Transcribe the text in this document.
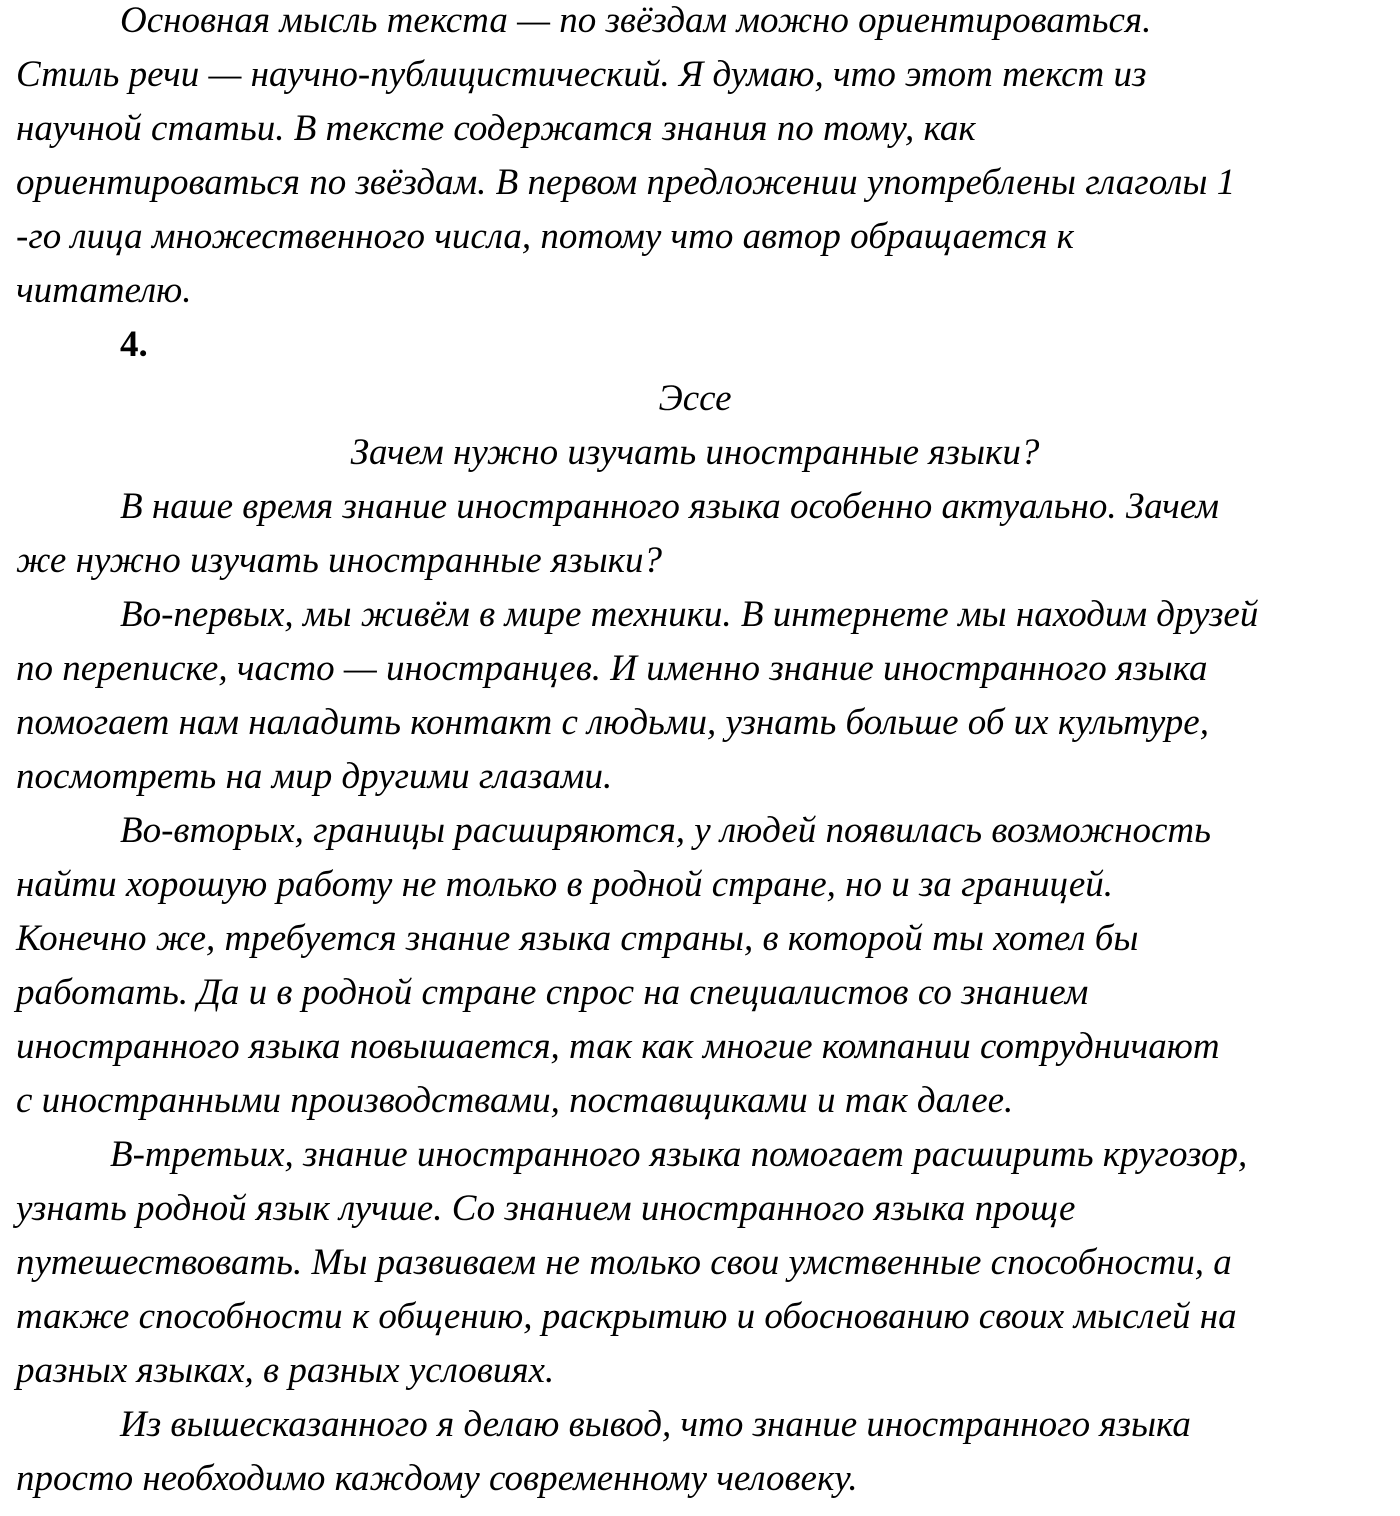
Основная мысль текста — по звёздам можно ориентироваться.

Стиль речи — научно-публицистический. Я думаю, что этот текст из

научной статьи. В тексте содержатся знания по тому, как

ориентироваться по звёздам. В первом предложении употреблены глаголы 1

-го лица множественного числа, потому что автор обращается к

читателю.

4.

Эссе

Зачем нужно изучать иностранные языки?

В наше время знание иностранного языка особенно актуально. Зачем

же нужно изучать иностранные языки?

Во-первых, мы живём в мире техники. В интернете мы находим друзей

по переписке, часто — иностранцев. И именно знание иностранного языка

помогает нам наладить контакт с людьми, узнать больше об их культуре,

посмотреть на мир другими глазами.

Во-вторых, границы расширяются, у людей появилась возможность

найти хорошую работу не только в родной стране, но и за границей.

Конечно же, требуется знание языка страны, в которой ты хотел бы

работать. Да и в родной стране спрос на специалистов со знанием

иностранного языка повышается, так как многие компании сотрудничают

с иностранными производствами, поставщиками и так далее.

В-третьих, знание иностранного языка помогает расширить кругозор,

узнать родной язык лучше. Со знанием иностранного языка проще

путешествовать. Мы развиваем не только свои умственные способности, а

также способности к общению, раскрытию и обоснованию своих мыслей на

разных языках, в разных условиях.

Из вышесказанного я делаю вывод, что знание иностранного языка

просто необходимо каждому современному человеку.
